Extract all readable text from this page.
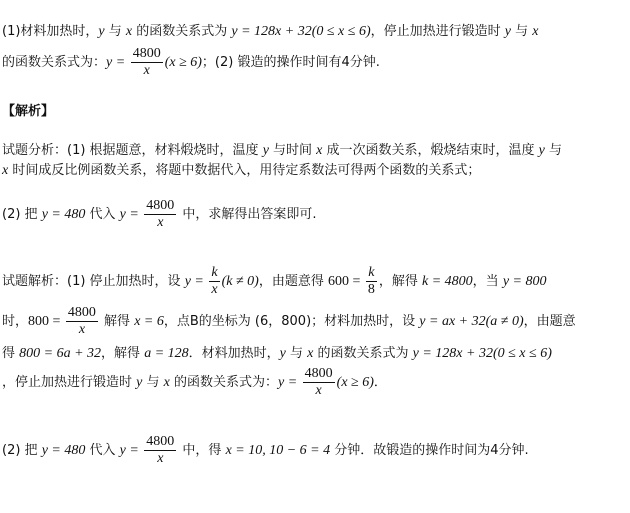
(1)材料加热时，y 与 x 的函数关系式为 y = 128x + 32(0 ≤ x ≤ 6)，停止加热进行锻造时 y 与 x
的函数关系式为：$y = \frac{4800}{x} (x \ge 6)$；(2) 锻造的操作时间有4分钟.
【解析】
试题分析：(1) 根据题意，材料煅烧时，温度 y 与时间 x 成一次函数关系，煅烧结束时，温度 y 与
x 时间成反比例函数关系，将题中数据代入，用待定系数法可得两个函数的关系式；
(2) 把 y = 480 代入 $y = \frac{4800}{x}$ 中，求解得出答案即可.
试题解析：(1) 停止加热时，设 $y = \frac{k}{x} (k \ne 0)$，由题意得 $600 = \frac{k}{8}$ ，解得 k = 4800，当 y = 800
时，$800 = \frac{4800}{x}$ 解得 x = 6，点B的坐标为 (6，800)；材料加热时，设 y = ax + 32(a ≠ 0)，由题意
得 800 = 6a + 32，解得 a = 128．材料加热时，y 与 x 的函数关系式为 y = 128x + 32(0 ≤ x ≤ 6)
，停止加热进行锻造时 y 与 x 的函数关系式为：$y = \frac{4800}{x} (x \ge 6)$．
(2) 把 y = 480 代入 $y = \frac{4800}{x}$ 中，得 x = 10, 10 − 6 = 4 分钟．故锻造的操作时间为4分钟.
